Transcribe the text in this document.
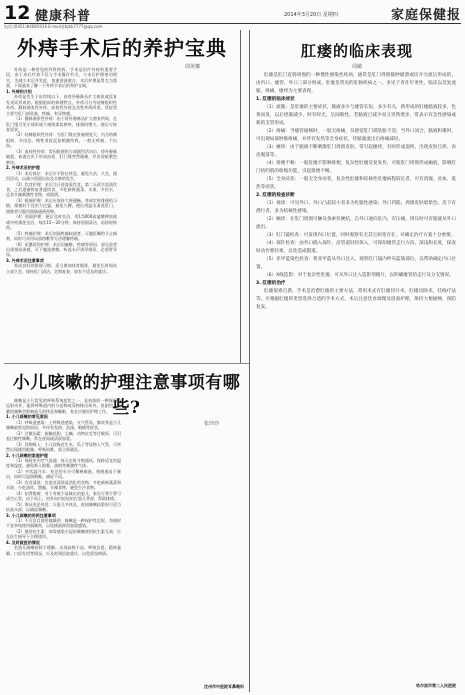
12 健康科普	2014年3月20日 星期四	家庭保健报
电话:(0451)84685916 E-mail:jtbjbk7777@qq.com
外痔手术后的养护宝典
周英娜

外痔是一种常见的外科疾病，手术是治疗外痔的重要手段，由于术后疗效不仅与手术操作有关，与术后护理密切相关，为减少术后并发症，加速创面愈合，术后护理显得尤为重要，下面就来了解一下外痔手术后的养护宝典。

1. 外痔的介绍

外痔是发生于齿状线以下，由痔外静脉丛扩大曲张或反复发炎而形成的。根据组织的病理特点，外痔可分为结缔组织性外痔、静脉曲张性外痔、血栓性外痔及炎性外痔四类，其症状主要为肛门部坠胀、疼痛、有异物感。

（1）静脉曲张性外痔：由于痔外静脉丛扩大曲张所致，在肛门缘可见半球形或不规则柔软肿块，排便时增大，便后可恢复原状。

（2）结缔组织性外痔：为肛门缘皮肤皱褶变大，内含结缔组织，多由急、慢性炎症反复刺激所致，一般无疼痛，不出血。

（3）血栓性外痔：常因排便用力或剧烈活动后，痔外静脉破裂，血液在皮下形成血栓，肛门缘突然剧痛，并出现暗紫色肿块。

2. 外痔术后的护理

（1）术后体位：术后应平卧位休息，避免久站、久坐、剧烈活动，以减少创面出血及水肿的发生。

（2）饮食护理：术后当日进流质饮食，第二天改半流质饮食，之后逐渐恢复普通饮食，多吃新鲜蔬菜、水果，多饮水，忌食辛辣刺激性食物，戒烟酒。

（3）排便护理：术后应保持大便通畅，养成定时排便的习惯，排便时不宜用力过猛，避免久蹲。便后用温水清洗肛门，便秘者可服用润肠通便药物。

（4）创面护理：便后及时坐浴，用1∶5000高锰酸钾溶液或中药熏洗坐浴，每次15～20分钟，保持创面清洁，再按时换药。

（5）疼痛护理：术后创面疼痛较剧者，可遵医嘱给予止痛剂，同时可采用局部热敷等方法缓解疼痛。

（6）尿潴留的护理：术后因麻醉、疼痛等原因，部分患者出现排尿困难，可下腹部热敷、听流水声诱导排尿，必要时导尿。

3. 外痔术后注意事项

养成良好的排便习惯，适当参加体育锻炼，避免长时间站立或久坐，保持肛门清洁，定期复查，如有不适及时就诊。

小儿咳嗽的护理注意事项有哪些?
张玲玲

咳嗽是小儿常见的呼吸系统症状之一，是机体的一种保护性反射动作，能将呼吸道内的分泌物或异物排出体外。但剧烈、频繁的咳嗽会影响患儿的休息和睡眠，家长应做好护理工作。

1. 小儿咳嗽的常见原因

（1）呼吸道感染：上呼吸道感染、支气管炎、肺炎等是小儿咳嗽最常见的原因，多伴有发热、流涕、咽痛等症状。

（2）过敏因素：接触花粉、尘螨、动物皮毛等过敏原，可引起过敏性咳嗽，常在夜间或清晨加重。

（3）异物吸入：小儿误吸花生米、瓜子等异物入气管，可突然出现剧烈呛咳、呼吸困难，需立即就医。

2. 小儿咳嗽的家庭护理

（1）保持室内空气流通：每天定时开窗通风，保持适宜的温度和湿度，避免吸入烟雾、油烟等刺激性气体。

（2）多饮温开水：充足的水分可稀释痰液，使痰液易于咳出，同时可湿润咽喉，减轻不适。

（3）饮食清淡：宜进食清淡易消化的食物，多吃新鲜蔬菜和水果，少吃油炸、甜腻、辛辣食物，避免生冷食物。

（4）拍背排痰：对于有痰不易咳出的患儿，家长可将手掌弓成空心状，由下而上、由外向内轻轻拍打患儿背部，帮助排痰。

（5）保证充足休息：让患儿多休息，夜间咳嗽较重时可适当抬高头部，以减轻咳嗽。

3. 小儿咳嗽的用药注意事项

（1）不可盲目使用镇咳药：咳嗽是一种保护性反射，有痰时不宜单纯使用镇咳药，以免痰液滞留加重感染。

（2）慎用抗生素：病毒感染引起的咳嗽使用抗生素无效，应在医生指导下合理使用。

4. 及时就医的情况

若患儿咳嗽持续不缓解，出现高热不退、呼吸急促、精神萎靡、口唇发绀等情况，应及时到医院就诊，以免延误病情。

沈州市中医院耳鼻喉科
肛瘘的临床表现
周敏

肛瘘是肛门直肠周围的一种慢性感染性疾病，通常是肛门周围脓肿破溃或切开引流后形成的，由内口、瘘管、外口三部分组成。肛瘘是常见的肛肠疾病之一，多见于青壮年男性，临床以反复流脓、疼痛、瘙痒为主要表现。

1. 肛瘘的临床症状

（1）流脓：是肛瘘的主要症状，脓液多少与瘘管长短、多少有关，新形成的肛瘘脓液较多，色黄而臭，以后逐渐减少，时有时无，呈间歇性。若脓液已减少而又突然增多，常表示有急性感染或新的支管形成。

（2）疼痛：当瘘管通畅时，一般无疼痛，仅感觉肛门部坠胀不适；当外口闭合，脓液积聚时，可出现局部肿胀疼痛，并伴有发热等全身症状，待脓液流出后疼痛减轻。

（3）瘙痒：由于脓液不断刺激肛门周围皮肤，常引起瘙痒，有时形成湿疹，出现皮肤丘疹、表皮脱落等。

（4）排便不畅：一般肛瘘不影响排便，复杂性肛瘘反复发作，可使肛门周围形成瘢痕，影响肛门括约肌的收缩功能，引起排便不畅。

（5）全身症状：一般无全身症状，复杂性肛瘘和结核性肛瘘病程较长者，可有消瘦、贫血、低热等症状。

2. 肛瘘的检查诊断

（1）视诊：可见外口，外口凸起较小者多为化脓性感染；外口凹陷、周围皮肤暗紫色、皮下有潜行者，多为结核性感染。

（2）触诊：在肛门周围可触及条索状硬结，自外口通向肛内，有压痛，挤压时可有脓液从外口流出。

（3）肛门镜检查：可发现内口位置，同时观察有无其它病变存在，对确定治疗方案十分重要。

（4）探针检查：由外口插入探针，沿管道轻轻探入，可探知瘘管走行方向、深浅和长度，探查时动作要轻柔，以免造成假道。

（5）亚甲蓝染色检查：将亚甲蓝从外口注入，观察肛门镜内纱布蓝染部位，以帮助确定内口位置。

（6）X线造影：对于复杂性肛瘘，可从外口注入造影剂摄片，以明确瘘管的走行及分支情况。

3. 肛瘘的治疗

肛瘘很难自愈，手术是治愈肛瘘的主要方法，常用术式有肛瘘切开术、肛瘘切除术、挂线疗法等，应根据肛瘘的类型选择合适的手术方式，术后注意饮食调理及创面护理，保持大便通畅，预防复发。

哈尔滨市第二人民医院
